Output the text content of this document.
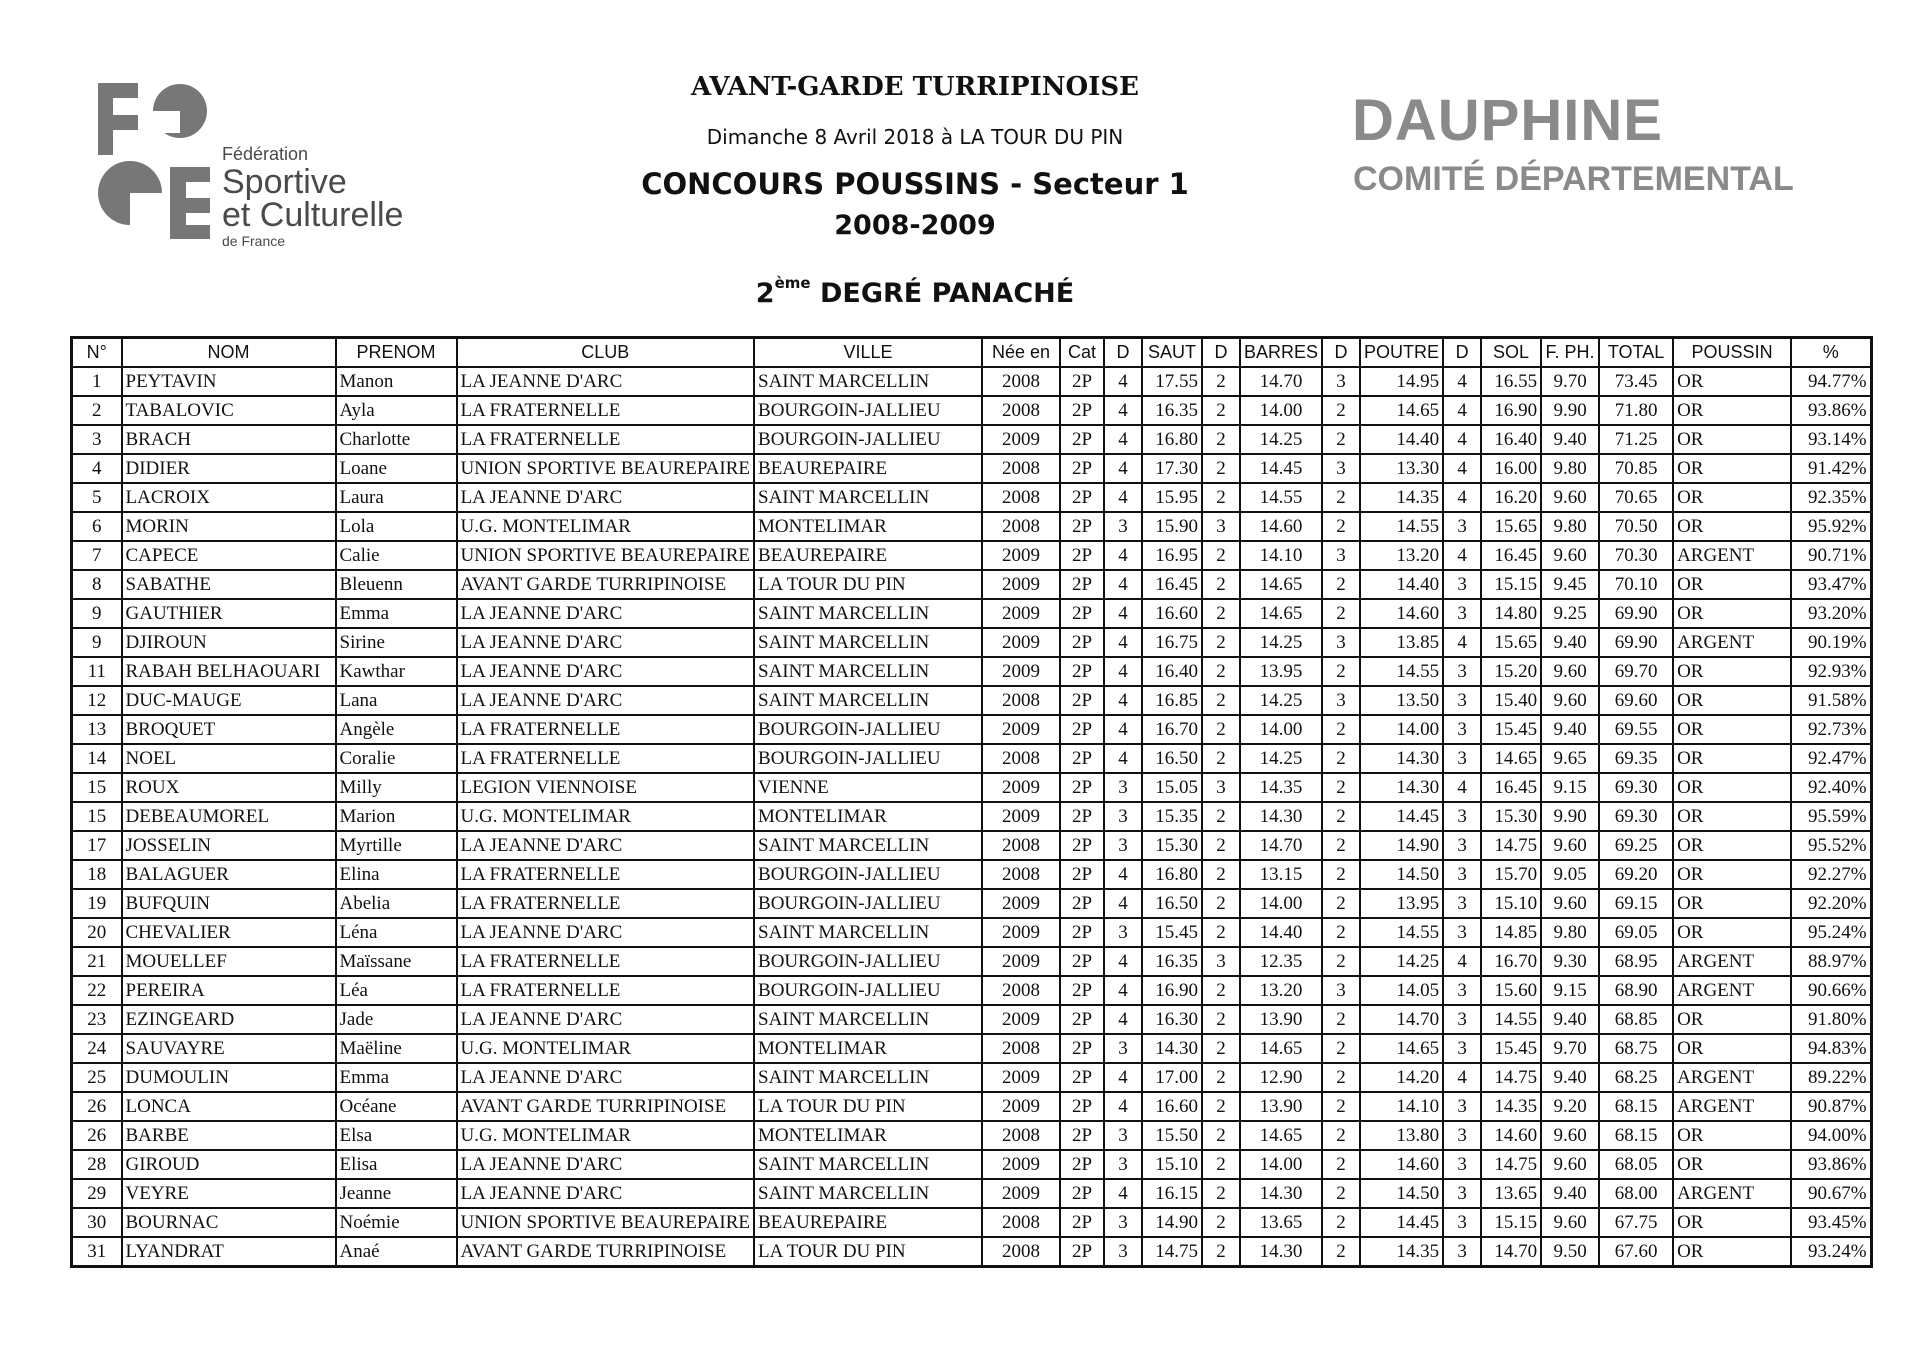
Fédération
Sportive
et Culturelle
de France
AVANT-GARDE TURRIPINOISE
Dimanche 8 Avril 2018 à LA TOUR DU PIN
CONCOURS POUSSINS - Secteur 1
2008-2009
2ème DEGRÉ PANACHÉ
DAUPHINE
COMITÉ DÉPARTEMENTAL
N°	NOM	PRENOM	CLUB	VILLE	Née en	Cat	D	SAUT	D	BARRES	D	POUTRE	D	SOL	F. PH.	TOTAL	POUSSIN	%
1	PEYTAVIN	Manon	LA JEANNE D'ARC	SAINT MARCELLIN	2008	2P	4	17.55	2	14.70	3	14.95	4	16.55	9.70	73.45	OR	94.77%
2	TABALOVIC	Ayla	LA FRATERNELLE	BOURGOIN-JALLIEU	2008	2P	4	16.35	2	14.00	2	14.65	4	16.90	9.90	71.80	OR	93.86%
3	BRACH	Charlotte	LA FRATERNELLE	BOURGOIN-JALLIEU	2009	2P	4	16.80	2	14.25	2	14.40	4	16.40	9.40	71.25	OR	93.14%
4	DIDIER	Loane	UNION SPORTIVE BEAUREPAIRE	BEAUREPAIRE	2008	2P	4	17.30	2	14.45	3	13.30	4	16.00	9.80	70.85	OR	91.42%
5	LACROIX	Laura	LA JEANNE D'ARC	SAINT MARCELLIN	2008	2P	4	15.95	2	14.55	2	14.35	4	16.20	9.60	70.65	OR	92.35%
6	MORIN	Lola	U.G. MONTELIMAR	MONTELIMAR	2008	2P	3	15.90	3	14.60	2	14.55	3	15.65	9.80	70.50	OR	95.92%
7	CAPECE	Calie	UNION SPORTIVE BEAUREPAIRE	BEAUREPAIRE	2009	2P	4	16.95	2	14.10	3	13.20	4	16.45	9.60	70.30	ARGENT	90.71%
8	SABATHE	Bleuenn	AVANT GARDE TURRIPINOISE	LA TOUR DU PIN	2009	2P	4	16.45	2	14.65	2	14.40	3	15.15	9.45	70.10	OR	93.47%
9	GAUTHIER	Emma	LA JEANNE D'ARC	SAINT MARCELLIN	2009	2P	4	16.60	2	14.65	2	14.60	3	14.80	9.25	69.90	OR	93.20%
9	DJIROUN	Sirine	LA JEANNE D'ARC	SAINT MARCELLIN	2009	2P	4	16.75	2	14.25	3	13.85	4	15.65	9.40	69.90	ARGENT	90.19%
11	RABAH BELHAOUARI	Kawthar	LA JEANNE D'ARC	SAINT MARCELLIN	2009	2P	4	16.40	2	13.95	2	14.55	3	15.20	9.60	69.70	OR	92.93%
12	DUC-MAUGE	Lana	LA JEANNE D'ARC	SAINT MARCELLIN	2008	2P	4	16.85	2	14.25	3	13.50	3	15.40	9.60	69.60	OR	91.58%
13	BROQUET	Angèle	LA FRATERNELLE	BOURGOIN-JALLIEU	2009	2P	4	16.70	2	14.00	2	14.00	3	15.45	9.40	69.55	OR	92.73%
14	NOEL	Coralie	LA FRATERNELLE	BOURGOIN-JALLIEU	2008	2P	4	16.50	2	14.25	2	14.30	3	14.65	9.65	69.35	OR	92.47%
15	ROUX	Milly	LEGION VIENNOISE	VIENNE	2009	2P	3	15.05	3	14.35	2	14.30	4	16.45	9.15	69.30	OR	92.40%
15	DEBEAUMOREL	Marion	U.G. MONTELIMAR	MONTELIMAR	2009	2P	3	15.35	2	14.30	2	14.45	3	15.30	9.90	69.30	OR	95.59%
17	JOSSELIN	Myrtille	LA JEANNE D'ARC	SAINT MARCELLIN	2008	2P	3	15.30	2	14.70	2	14.90	3	14.75	9.60	69.25	OR	95.52%
18	BALAGUER	Elina	LA FRATERNELLE	BOURGOIN-JALLIEU	2008	2P	4	16.80	2	13.15	2	14.50	3	15.70	9.05	69.20	OR	92.27%
19	BUFQUIN	Abelia	LA FRATERNELLE	BOURGOIN-JALLIEU	2009	2P	4	16.50	2	14.00	2	13.95	3	15.10	9.60	69.15	OR	92.20%
20	CHEVALIER	Léna	LA JEANNE D'ARC	SAINT MARCELLIN	2009	2P	3	15.45	2	14.40	2	14.55	3	14.85	9.80	69.05	OR	95.24%
21	MOUELLEF	Maïssane	LA FRATERNELLE	BOURGOIN-JALLIEU	2009	2P	4	16.35	3	12.35	2	14.25	4	16.70	9.30	68.95	ARGENT	88.97%
22	PEREIRA	Léa	LA FRATERNELLE	BOURGOIN-JALLIEU	2008	2P	4	16.90	2	13.20	3	14.05	3	15.60	9.15	68.90	ARGENT	90.66%
23	EZINGEARD	Jade	LA JEANNE D'ARC	SAINT MARCELLIN	2009	2P	4	16.30	2	13.90	2	14.70	3	14.55	9.40	68.85	OR	91.80%
24	SAUVAYRE	Maëline	U.G. MONTELIMAR	MONTELIMAR	2008	2P	3	14.30	2	14.65	2	14.65	3	15.45	9.70	68.75	OR	94.83%
25	DUMOULIN	Emma	LA JEANNE D'ARC	SAINT MARCELLIN	2009	2P	4	17.00	2	12.90	2	14.20	4	14.75	9.40	68.25	ARGENT	89.22%
26	LONCA	Océane	AVANT GARDE TURRIPINOISE	LA TOUR DU PIN	2009	2P	4	16.60	2	13.90	2	14.10	3	14.35	9.20	68.15	ARGENT	90.87%
26	BARBE	Elsa	U.G. MONTELIMAR	MONTELIMAR	2008	2P	3	15.50	2	14.65	2	13.80	3	14.60	9.60	68.15	OR	94.00%
28	GIROUD	Elisa	LA JEANNE D'ARC	SAINT MARCELLIN	2009	2P	3	15.10	2	14.00	2	14.60	3	14.75	9.60	68.05	OR	93.86%
29	VEYRE	Jeanne	LA JEANNE D'ARC	SAINT MARCELLIN	2009	2P	4	16.15	2	14.30	2	14.50	3	13.65	9.40	68.00	ARGENT	90.67%
30	BOURNAC	Noémie	UNION SPORTIVE BEAUREPAIRE	BEAUREPAIRE	2008	2P	3	14.90	2	13.65	2	14.45	3	15.15	9.60	67.75	OR	93.45%
31	LYANDRAT	Anaé	AVANT GARDE TURRIPINOISE	LA TOUR DU PIN	2008	2P	3	14.75	2	14.30	2	14.35	3	14.70	9.50	67.60	OR	93.24%
